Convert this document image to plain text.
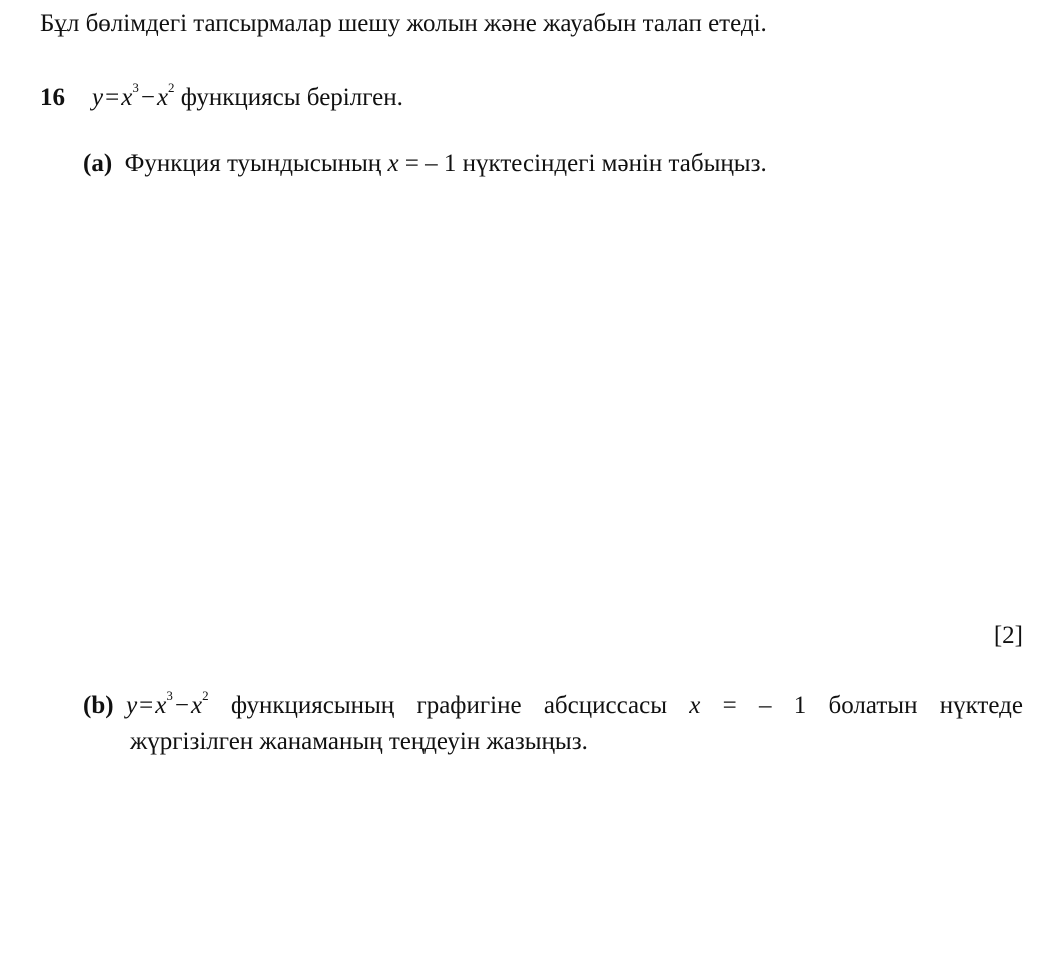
Бұл бөлімдегі тапсырмалар шешу жолын және жауабын талап етеді.
16 $y=x^3-x^2$ функциясы берілген.
(a) Функция туындысының x = – 1 нүктесіндегі мәнін табыңыз.
[2]
(b) $y=x^3-x^2$ функциясының графигіне абсциссасы x = – 1 болатын нүктеде
жүргізілген жанаманың теңдеуін жазыңыз.
